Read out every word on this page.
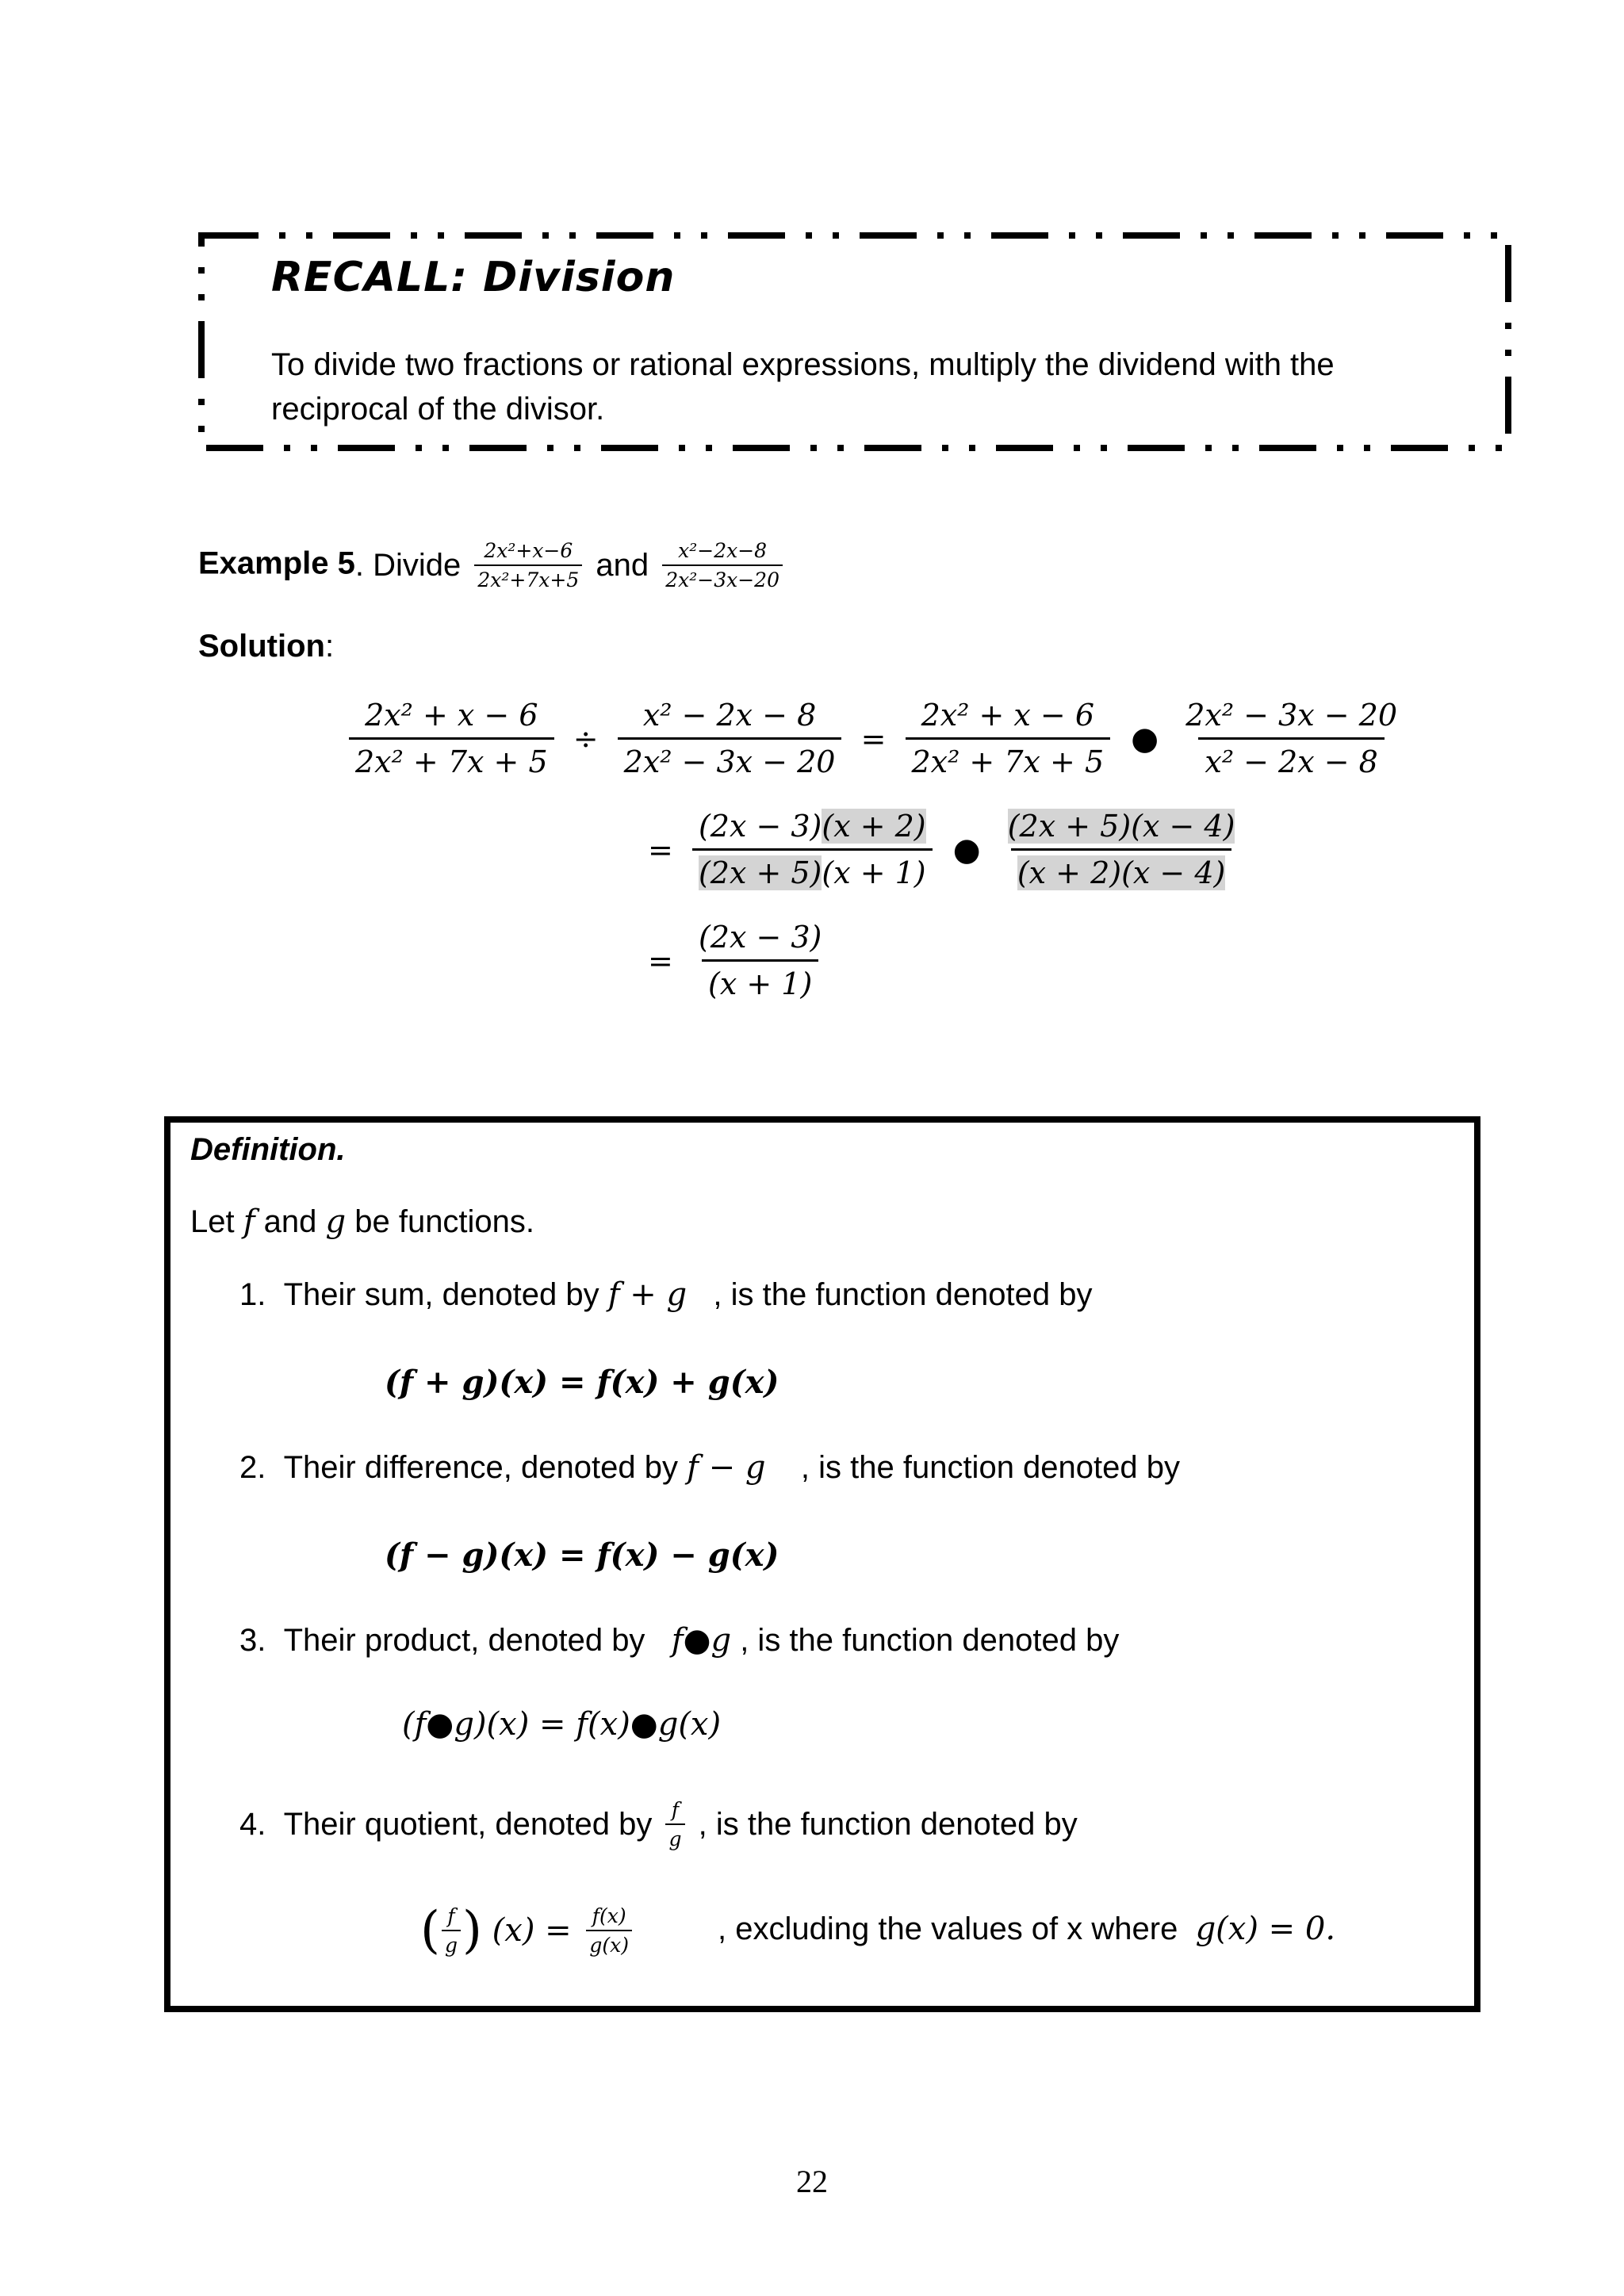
RECALL: Division
To divide two fractions or rational expressions, multiply the dividend with the reciprocal of the divisor.
Example 5. Divide $\frac{\text{2x²+x−6}}{\text{2x²+7x+5}}$ and $\frac{\text{x²−2x−8}}{\text{2x²−3x−20}}$
Solution:
$\frac{\text{2x² + x − 6}}{\text{2x² + 7x + 5}} \div \frac{\text{x² − 2x − 8}}{\text{2x² − 3x − 20}} = \frac{\text{2x² + x − 6}}{\text{2x² + 7x + 5}}$ ● $\frac{\text{2x² − 3x − 20}}{\text{x² − 2x − 8}}$
= $\frac{(2x - 3)(x + 2)}{(2x + 5)(x + 1)}$ ● $\frac{(2x + 5)(x - 4)}{(x + 2)(x - 4)}$
= $\frac{(2x - 3)}{(x + 1)}$
Definition.
Let f and g be functions.
1. Their sum, denoted by f + g   , is the function denoted by
(f + g)(x) = f(x) + g(x)
2. Their difference, denoted by f − g    , is the function denoted by
(f − g)(x) = f(x) − g(x)
3. Their product, denoted by   f●g , is the function denoted by
(f●g)(x) = f(x)●g(x)
4. Their quotient, denoted by $\frac{f}{g}$ , is the function denoted by
( $\frac{f}{g}$ ) $(x) = \frac{f(x)}{g(x)}$	, excluding the values of x where  g(x) = 0.
22
